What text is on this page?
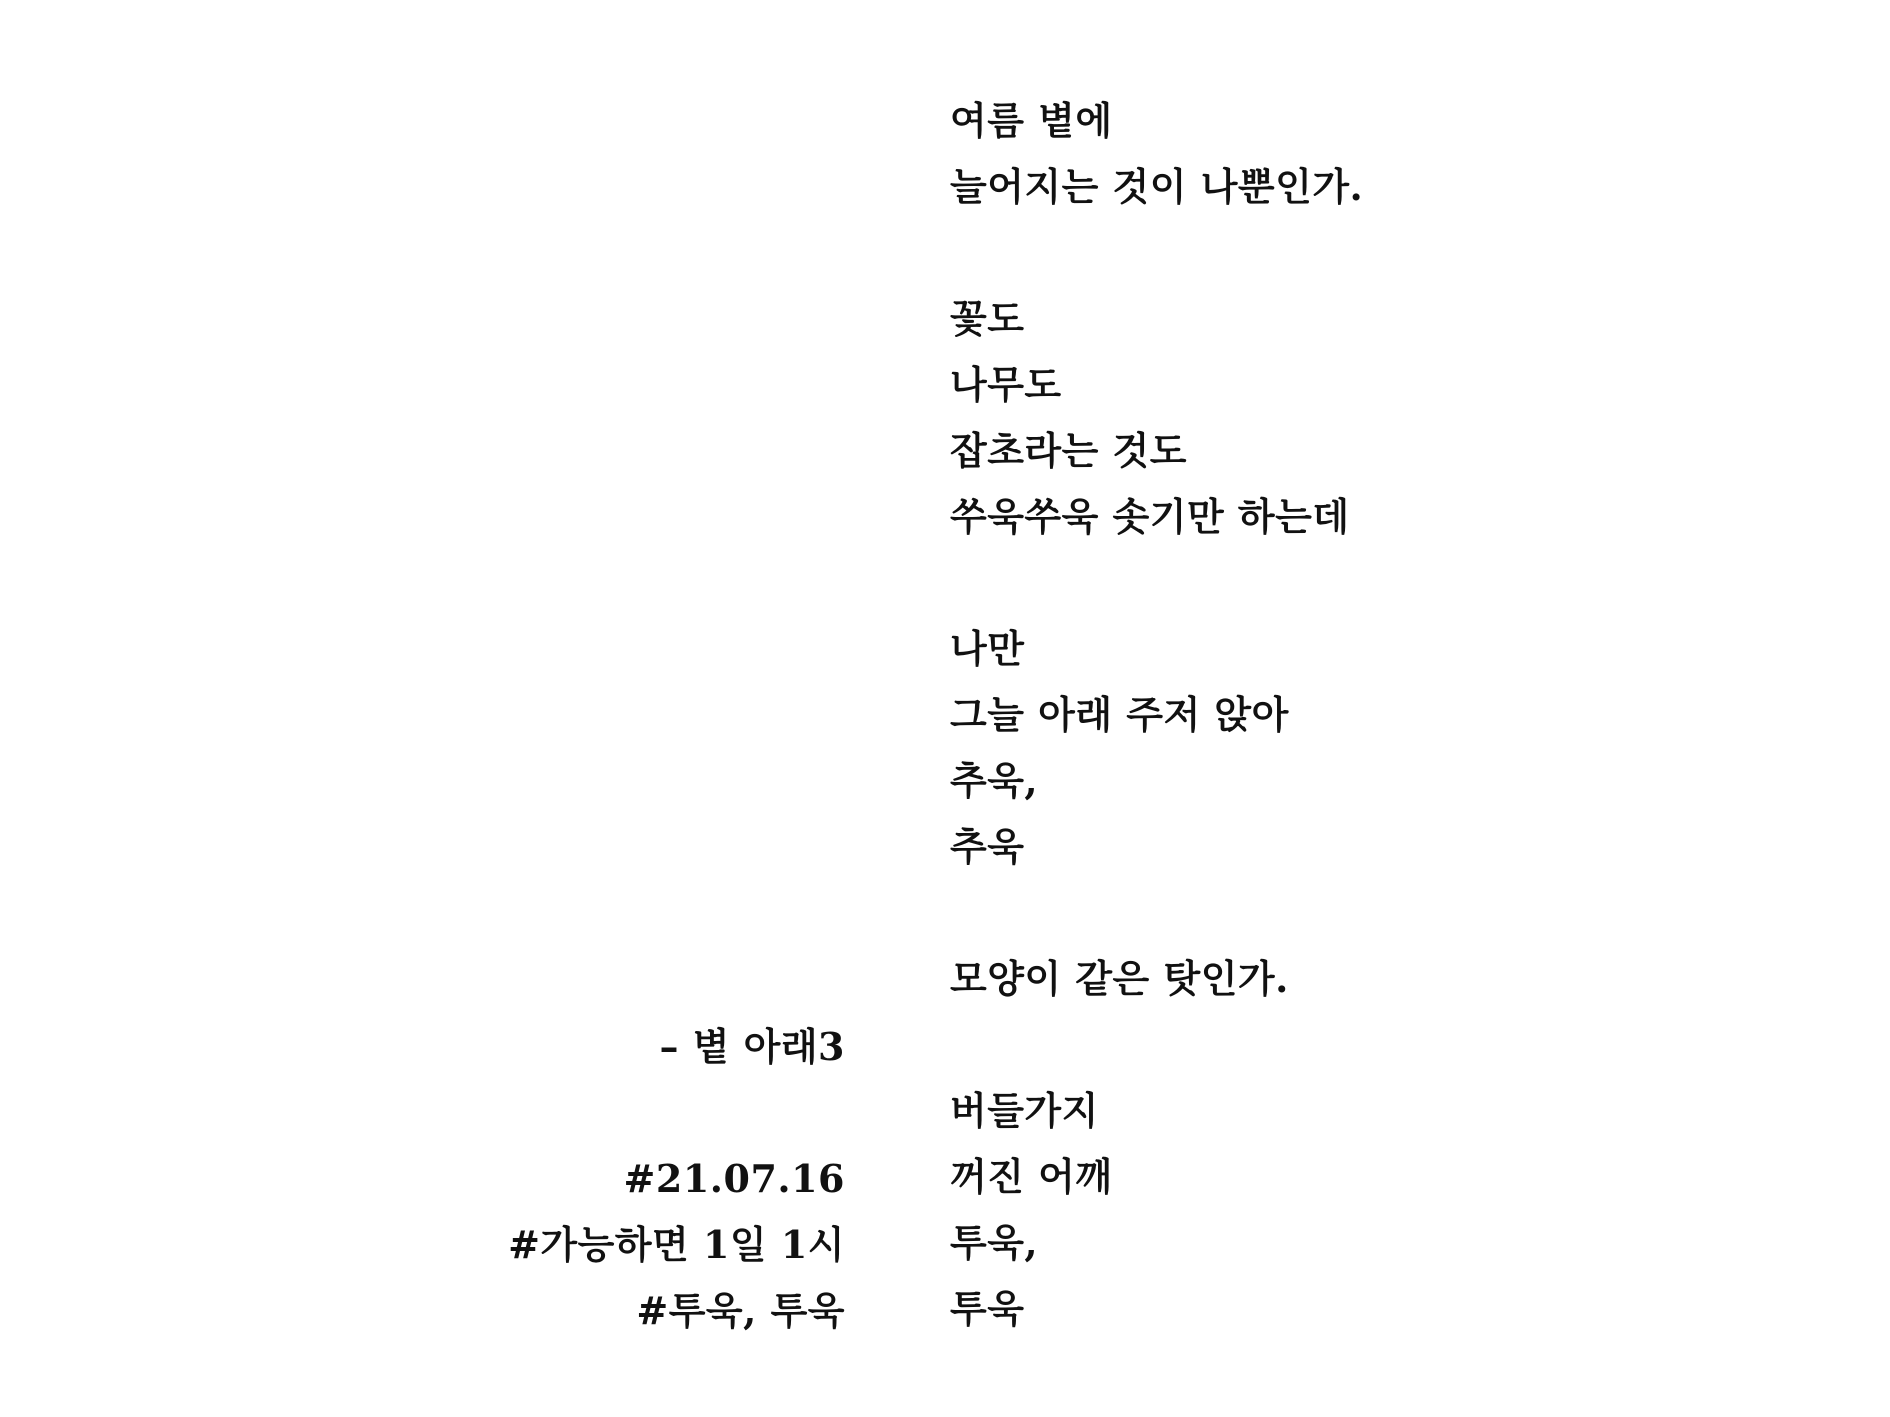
여름 볕에
늘어지는 것이 나뿐인가.
꽃도
나무도
잡초라는 것도
쑤욱쑤욱 솟기만 하는데
나만
그늘 아래 주저 앉아
추욱,
추욱
모양이 같은 탓인가.
버들가지
꺼진 어깨
투욱,
투욱
– 볕 아래3
#21.07.16
#가능하면 1일 1시
#투욱, 투욱
